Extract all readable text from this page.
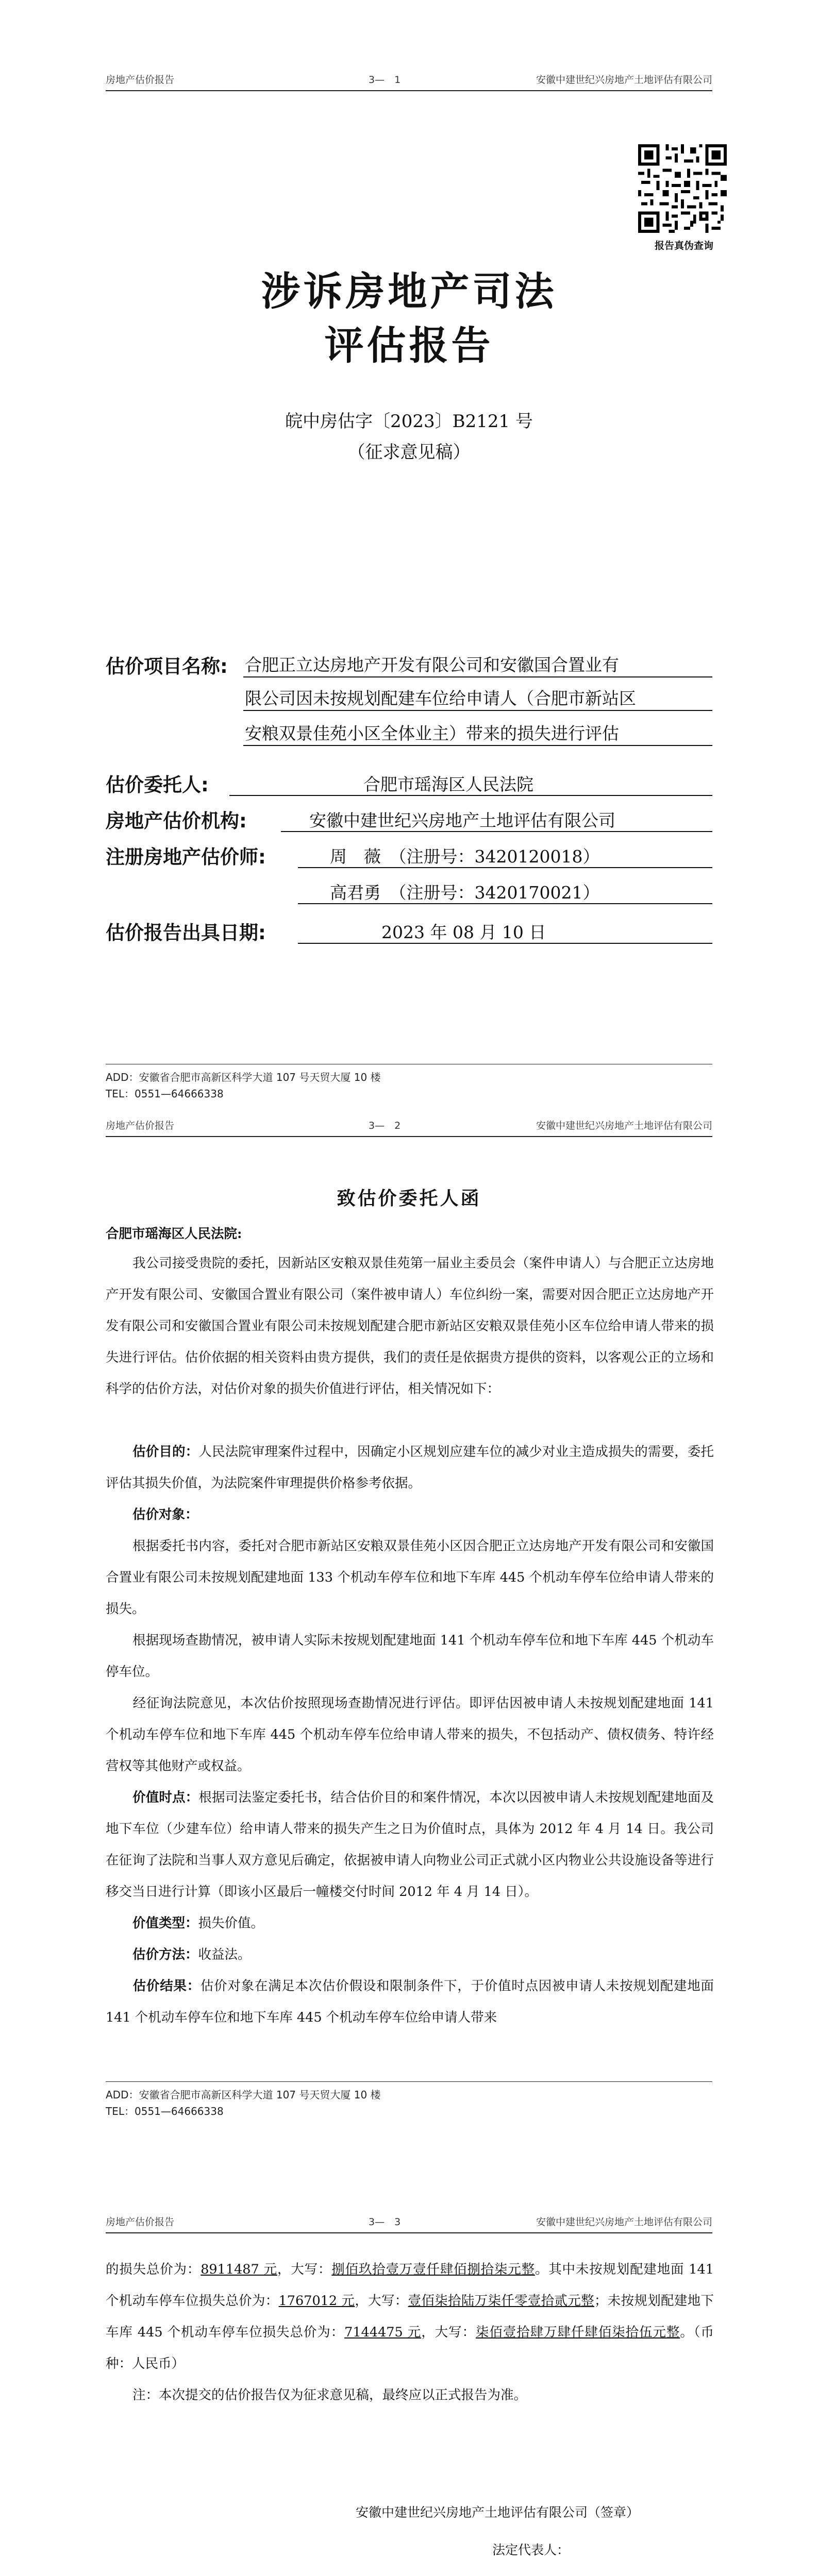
房地产估价报告	3—　1	安徽中建世纪兴房地产土地评估有限公司
报告真伪查询
涉诉房地产司法
评估报告
皖中房估字〔2023〕B2121 号
（征求意见稿）
估价项目名称: 合肥正立达房地产开发有限公司和安徽国合置业有
限公司因未按规划配建车位给申请人（合肥市新站区
安粮双景佳苑小区全体业主）带来的损失进行评估
估价委托人:	合肥市瑶海区人民法院
房地产估价机构:	安徽中建世纪兴房地产土地评估有限公司
注册房地产估价师:	周　薇　（注册号：3420120018）
高君勇　（注册号：3420170021）
估价报告出具日期:	2023 年 08 月 10 日
ADD：安徽省合肥市高新区科学大道 107 号天贸大厦 10 楼
TEL：0551—64666338
房地产估价报告	3—　2	安徽中建世纪兴房地产土地评估有限公司
致估价委托人函
合肥市瑶海区人民法院:
我公司接受贵院的委托，因新站区安粮双景佳苑第一届业主委员会（案件申请人）与合肥正立达房地产开发有限公司、安徽国合置业有限公司（案件被申请人）车位纠纷一案，需要对因合肥正立达房地产开发有限公司和安徽国合置业有限公司未按规划配建合肥市新站区安粮双景佳苑小区车位给申请人带来的损失进行评估。估价依据的相关资料由贵方提供，我们的责任是依据贵方提供的资料，以客观公正的立场和科学的估价方法，对估价对象的损失价值进行评估，相关情况如下：
估价目的：人民法院审理案件过程中，因确定小区规划应建车位的减少对业主造成损失的需要，委托评估其损失价值，为法院案件审理提供价格参考依据。
估价对象：
根据委托书内容，委托对合肥市新站区安粮双景佳苑小区因合肥正立达房地产开发有限公司和安徽国合置业有限公司未按规划配建地面 133 个机动车停车位和地下车库 445 个机动车停车位给申请人带来的损失。
根据现场查勘情况，被申请人实际未按规划配建地面 141 个机动车停车位和地下车库 445 个机动车停车位。
经征询法院意见，本次估价按照现场查勘情况进行评估。即评估因被申请人未按规划配建地面 141 个机动车停车位和地下车库 445 个机动车停车位给申请人带来的损失，不包括动产、债权债务、特许经营权等其他财产或权益。
价值时点：根据司法鉴定委托书，结合估价目的和案件情况，本次以因被申请人未按规划配建地面及地下车位（少建车位）给申请人带来的损失产生之日为价值时点，具体为 2012 年 4 月 14 日。我公司在征询了法院和当事人双方意见后确定，依据被申请人向物业公司正式就小区内物业公共设施设备等进行移交当日进行计算（即该小区最后一幢楼交付时间 2012 年 4 月 14 日）。
价值类型：损失价值。
估价方法：收益法。
估价结果：估价对象在满足本次估价假设和限制条件下，于价值时点因被申请人未按规划配建地面 141 个机动车停车位和地下车库 445 个机动车停车位给申请人带来
ADD：安徽省合肥市高新区科学大道 107 号天贸大厦 10 楼
TEL：0551—64666338
房地产估价报告	3—　3	安徽中建世纪兴房地产土地评估有限公司
的损失总价为：8911487 元，大写：捌佰玖拾壹万壹仟肆佰捌拾柒元整。其中未按规划配建地面 141 个机动车停车位损失总价为：1767012 元，大写：壹佰柒拾陆万柒仟零壹拾贰元整；未按规划配建地下车库 445 个机动车停车位损失总价为：7144475 元，大写：柒佰壹拾肆万肆仟肆佰柒拾伍元整。（币种：人民币）
注：本次提交的估价报告仅为征求意见稿，最终应以正式报告为准。
安徽中建世纪兴房地产土地评估有限公司（签章）
法定代表人：
